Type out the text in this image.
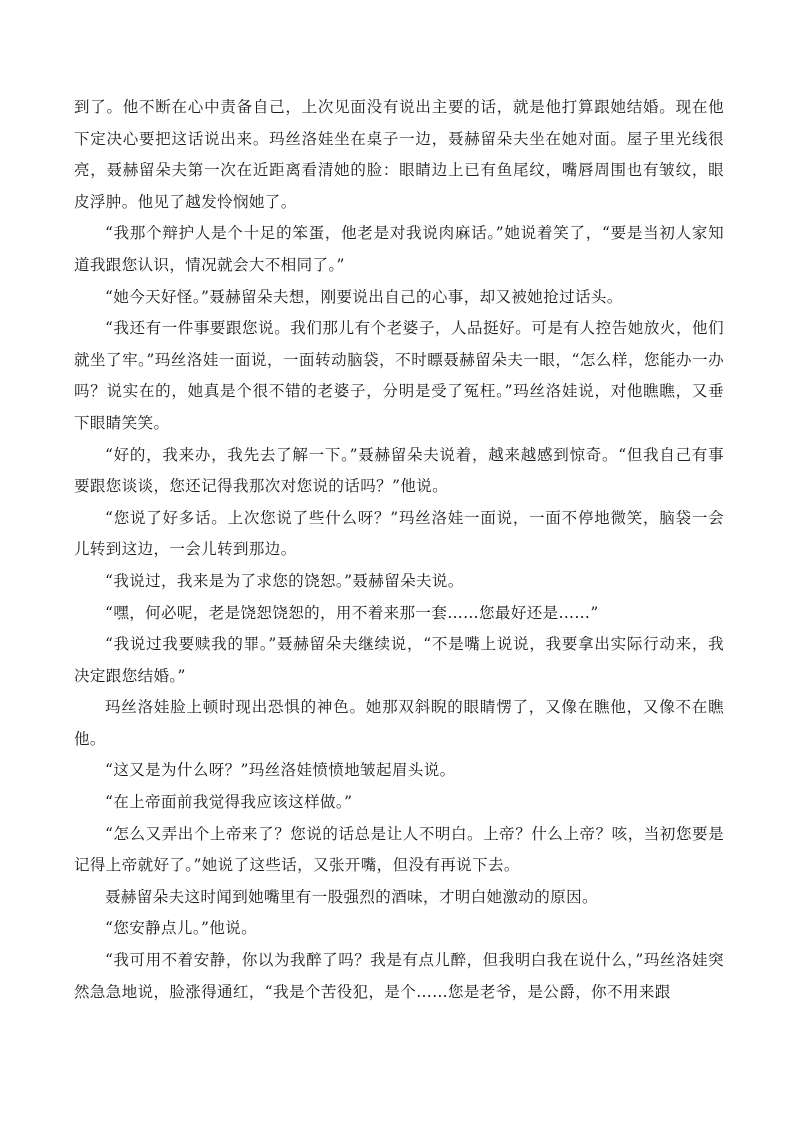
到了。他不断在心中责备自己，上次见面没有说出主要的话，就是他打算跟她结婚。现在他下定决心要把这话说出来。玛丝洛娃坐在桌子一边，聂赫留朵夫坐在她对面。屋子里光线很亮，聂赫留朵夫第一次在近距离看清她的脸：眼睛边上已有鱼尾纹，嘴唇周围也有皱纹，眼皮浮肿。他见了越发怜悯她了。

“我那个辩护人是个十足的笨蛋，他老是对我说肉麻话。”她说着笑了，“要是当初人家知道我跟您认识，情况就会大不相同了。”

“她今天好怪。”聂赫留朵夫想，刚要说出自己的心事，却又被她抢过话头。

“我还有一件事要跟您说。我们那儿有个老婆子，人品挺好。可是有人控告她放火，他们就坐了牢。”玛丝洛娃一面说，一面转动脑袋，不时瞟聂赫留朵夫一眼，“怎么样，您能办一办吗？说实在的，她真是个很不错的老婆子，分明是受了冤枉。”玛丝洛娃说，对他瞧瞧，又垂下眼睛笑笑。

“好的，我来办，我先去了解一下。”聂赫留朵夫说着，越来越感到惊奇。“但我自己有事要跟您谈谈，您还记得我那次对您说的话吗？”他说。

“您说了好多话。上次您说了些什么呀？”玛丝洛娃一面说，一面不停地微笑，脑袋一会儿转到这边，一会儿转到那边。

“我说过，我来是为了求您的饶恕。”聂赫留朵夫说。

“嘿，何必呢，老是饶恕饶恕的，用不着来那一套……您最好还是……”

“我说过我要赎我的罪。”聂赫留朵夫继续说，“不是嘴上说说，我要拿出实际行动来，我决定跟您结婚。”

玛丝洛娃脸上顿时现出恐惧的神色。她那双斜睨的眼睛愣了，又像在瞧他，又像不在瞧他。

“这又是为什么呀？”玛丝洛娃愤愤地皱起眉头说。

“在上帝面前我觉得我应该这样做。”

“怎么又弄出个上帝来了？您说的话总是让人不明白。上帝？什么上帝？咳，当初您要是记得上帝就好了。”她说了这些话，又张开嘴，但没有再说下去。

聂赫留朵夫这时闻到她嘴里有一股强烈的酒味，才明白她激动的原因。

“您安静点儿。”他说。

“我可用不着安静，你以为我醉了吗？我是有点儿醉，但我明白我在说什么，”玛丝洛娃突然急急地说，脸涨得通红，“我是个苦役犯，是个……您是老爷，是公爵，你不用来跟
